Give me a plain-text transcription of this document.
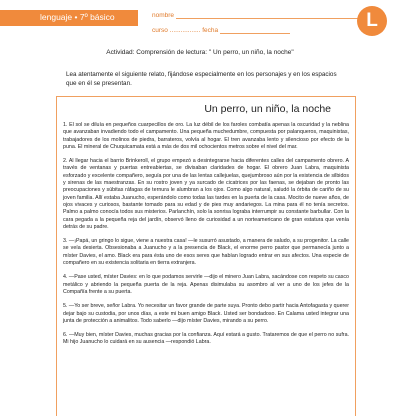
lenguaje • 7º básico	nombre
curso ................. fecha	L
Actividad: Comprensión de lectura: " Un perro, un niño, la noche"
Lea atentamente el siguiente relato, fijándose especialmente en los personajes y en los espacios que en él se presentan.
Un perro, un niño, la noche

1. El sol se diluía en pequeños cuarpecillos de oro. La luz débil de los faroles combatía apenas la oscuridad y la neblina que avanzaban invadiendo todo el campamento. Una pequeña muchedumbre, compuesta por palanqueros, maquinistas, trabajadores de los molinos de piedra, barrateros, volvía al hogar. El tren avanzaba lento y silencioso por efecto de la puna. El mineral de Chuquicamata está a más de dos mil ochocientos metros sobre el nivel del mar.

2. Al llegar hacia el barrio Brinkeroll, el grupo empezó a desintegrarse hacia diferentes calles del campamento obrero. A través de ventanas y puertas entreabiertas, se divisaban claridades de hogar. El obrero Juan Labra, maquinista esforzado y excelente compañero, seguía por una de las lentas callejuelas, quejumbroso aún por la existencia de silbidos y sirenas de las maestranzas. En su rostro joven y ya surcado de cicatrices por las faenas, se dejaban de pronto las preocupaciones y súbitas ráfagas de ternura le alumbran a los ojos. Como algo natural, saludó la órbita de cariño de su joven familia. Allí estaba Juanucho, esperándolo como todas las tardes en la puerta de la casa. Mocito de nueve años, de ojos vivaces y curiosos, bastante tomado para su edad y de pies muy andariegos. La mina para él no tenía secretos. Palmo a palmo conocía todos sus misterios. Parlanchín, solo la sonrisa lograba interrumpir su constante barbullar. Con la cara pegada a la pequeña reja del jardín, observó lleno de curiosidad a un norteamericano de gran estatura que venía detrás de su padre.

3. —¡Papá, un gringo lo sigue, viene a nuestra casa! —le susurró asustado, a manera de saludo, a su progenitor. La calle se veía desierta. Obsesionaba a Juanucho y a la presencia de Black, el enorme perro pastor que permanecía junto a míster Davies, el amo. Black era para ésta uno de esos seres que habían logrado entrar en sus afectos. Una especie de compañero en su existencia solitaria en tierra extranjera.

4. —Pase usted, míster Davies: en lo que podamos servirle —dijo el minero Juan Labra, sacándose con respeto su casco metálico y abriendo la pequeña puerta de la reja. Apenas disimulaba su asombro al ver a uno de los jefes de la Compañía frente a su puerta.

5. —Yo ser breve, señor Labra. Yo necesitar un favor grande de parte suya. Pronto debo partir hacia Antofagasta y querer dejar bajo su custodia, por unos días, a este mi buen amigo Black. Usted ser bondadoso. En Calama usted integrar una junta de protección a animalitos. Todo saberlo —dijo míster Davies, mirando a su perro.

6. —Muy bien, míster Davies, muchas gracias por la confianza. Aquí estará a gusto. Trataremos de que el perro no sufra. Mi hijo Juanucho lo cuidará en su ausencia —respondió Labra.
